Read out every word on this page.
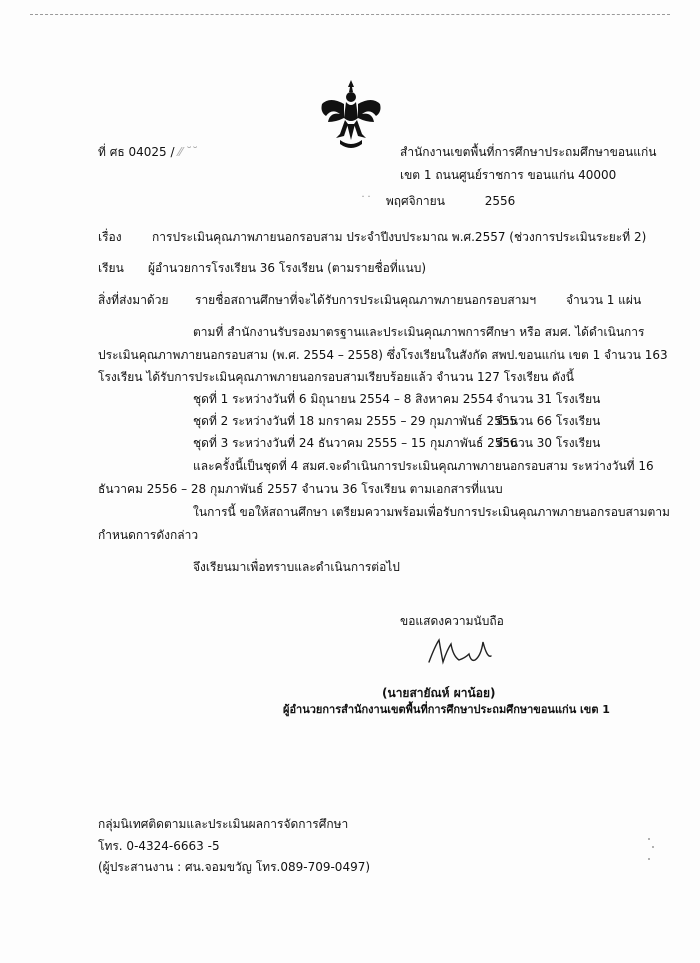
ที่ ศธ 04025 / ⁄⁄ ˘˘	สำนักงานเขตพื้นที่การศึกษาประถมศึกษาขอนแก่น
เขต 1 ถนนศูนย์ราชการ ขอนแก่น 40000
˙˙ พฤศจิกายน	2556
เรื่อง	การประเมินคุณภาพภายนอกรอบสาม ประจำปีงบประมาณ พ.ศ.2557 (ช่วงการประเมินระยะที่ 2)
เรียน ผู้อำนวยการโรงเรียน 36 โรงเรียน (ตามรายชื่อที่แนบ)
สิ่งที่ส่งมาด้วย รายชื่อสถานศึกษาที่จะได้รับการประเมินคุณภาพภายนอกรอบสามฯ จำนวน 1 แผ่น
ตามที่ สำนักงานรับรองมาตรฐานและประเมินคุณภาพการศึกษา หรือ สมศ. ได้ดำเนินการ
ประเมินคุณภาพภายนอกรอบสาม (พ.ศ. 2554 – 2558) ซึ่งโรงเรียนในสังกัด สพป.ขอนแก่น เขต 1 จำนวน 163
โรงเรียน ได้รับการประเมินคุณภาพภายนอกรอบสามเรียบร้อยแล้ว จำนวน 127 โรงเรียน ดังนี้
ชุดที่ 1 ระหว่างวันที่ 6 มิถุนายน 2554 – 8 สิงหาคม 2554 จำนวน 31 โรงเรียน
ชุดที่ 2 ระหว่างวันที่ 18 มกราคม 2555 – 29 กุมภาพันธ์ 2555
จำนวน 66 โรงเรียน
ชุดที่ 3 ระหว่างวันที่ 24 ธันวาคม 2555 – 15 กุมภาพันธ์ 2556
จำนวน 30 โรงเรียน
และครั้งนี้เป็นชุดที่ 4 สมศ.จะดำเนินการประเมินคุณภาพภายนอกรอบสาม ระหว่างวันที่ 16
ธันวาคม 2556 – 28 กุมภาพันธ์ 2557 จำนวน 36 โรงเรียน ตามเอกสารที่แนบ
ในการนี้ ขอให้สถานศึกษา เตรียมความพร้อมเพื่อรับการประเมินคุณภาพภายนอกรอบสามตาม
กำหนดการดังกล่าว
จึงเรียนมาเพื่อทราบและดำเนินการต่อไป
ขอแสดงความนับถือ
(นายสายัณห์ ผาน้อย)
ผู้อำนวยการสำนักงานเขตพื้นที่การศึกษาประถมศึกษาขอนแก่น เขต 1
กลุ่มนิเทศติดตามและประเมินผลการจัดการศึกษา
โทร. 0-4324-6663 -5
(ผู้ประสานงาน : ศน.จอมขวัญ โทร.089-709-0497)
